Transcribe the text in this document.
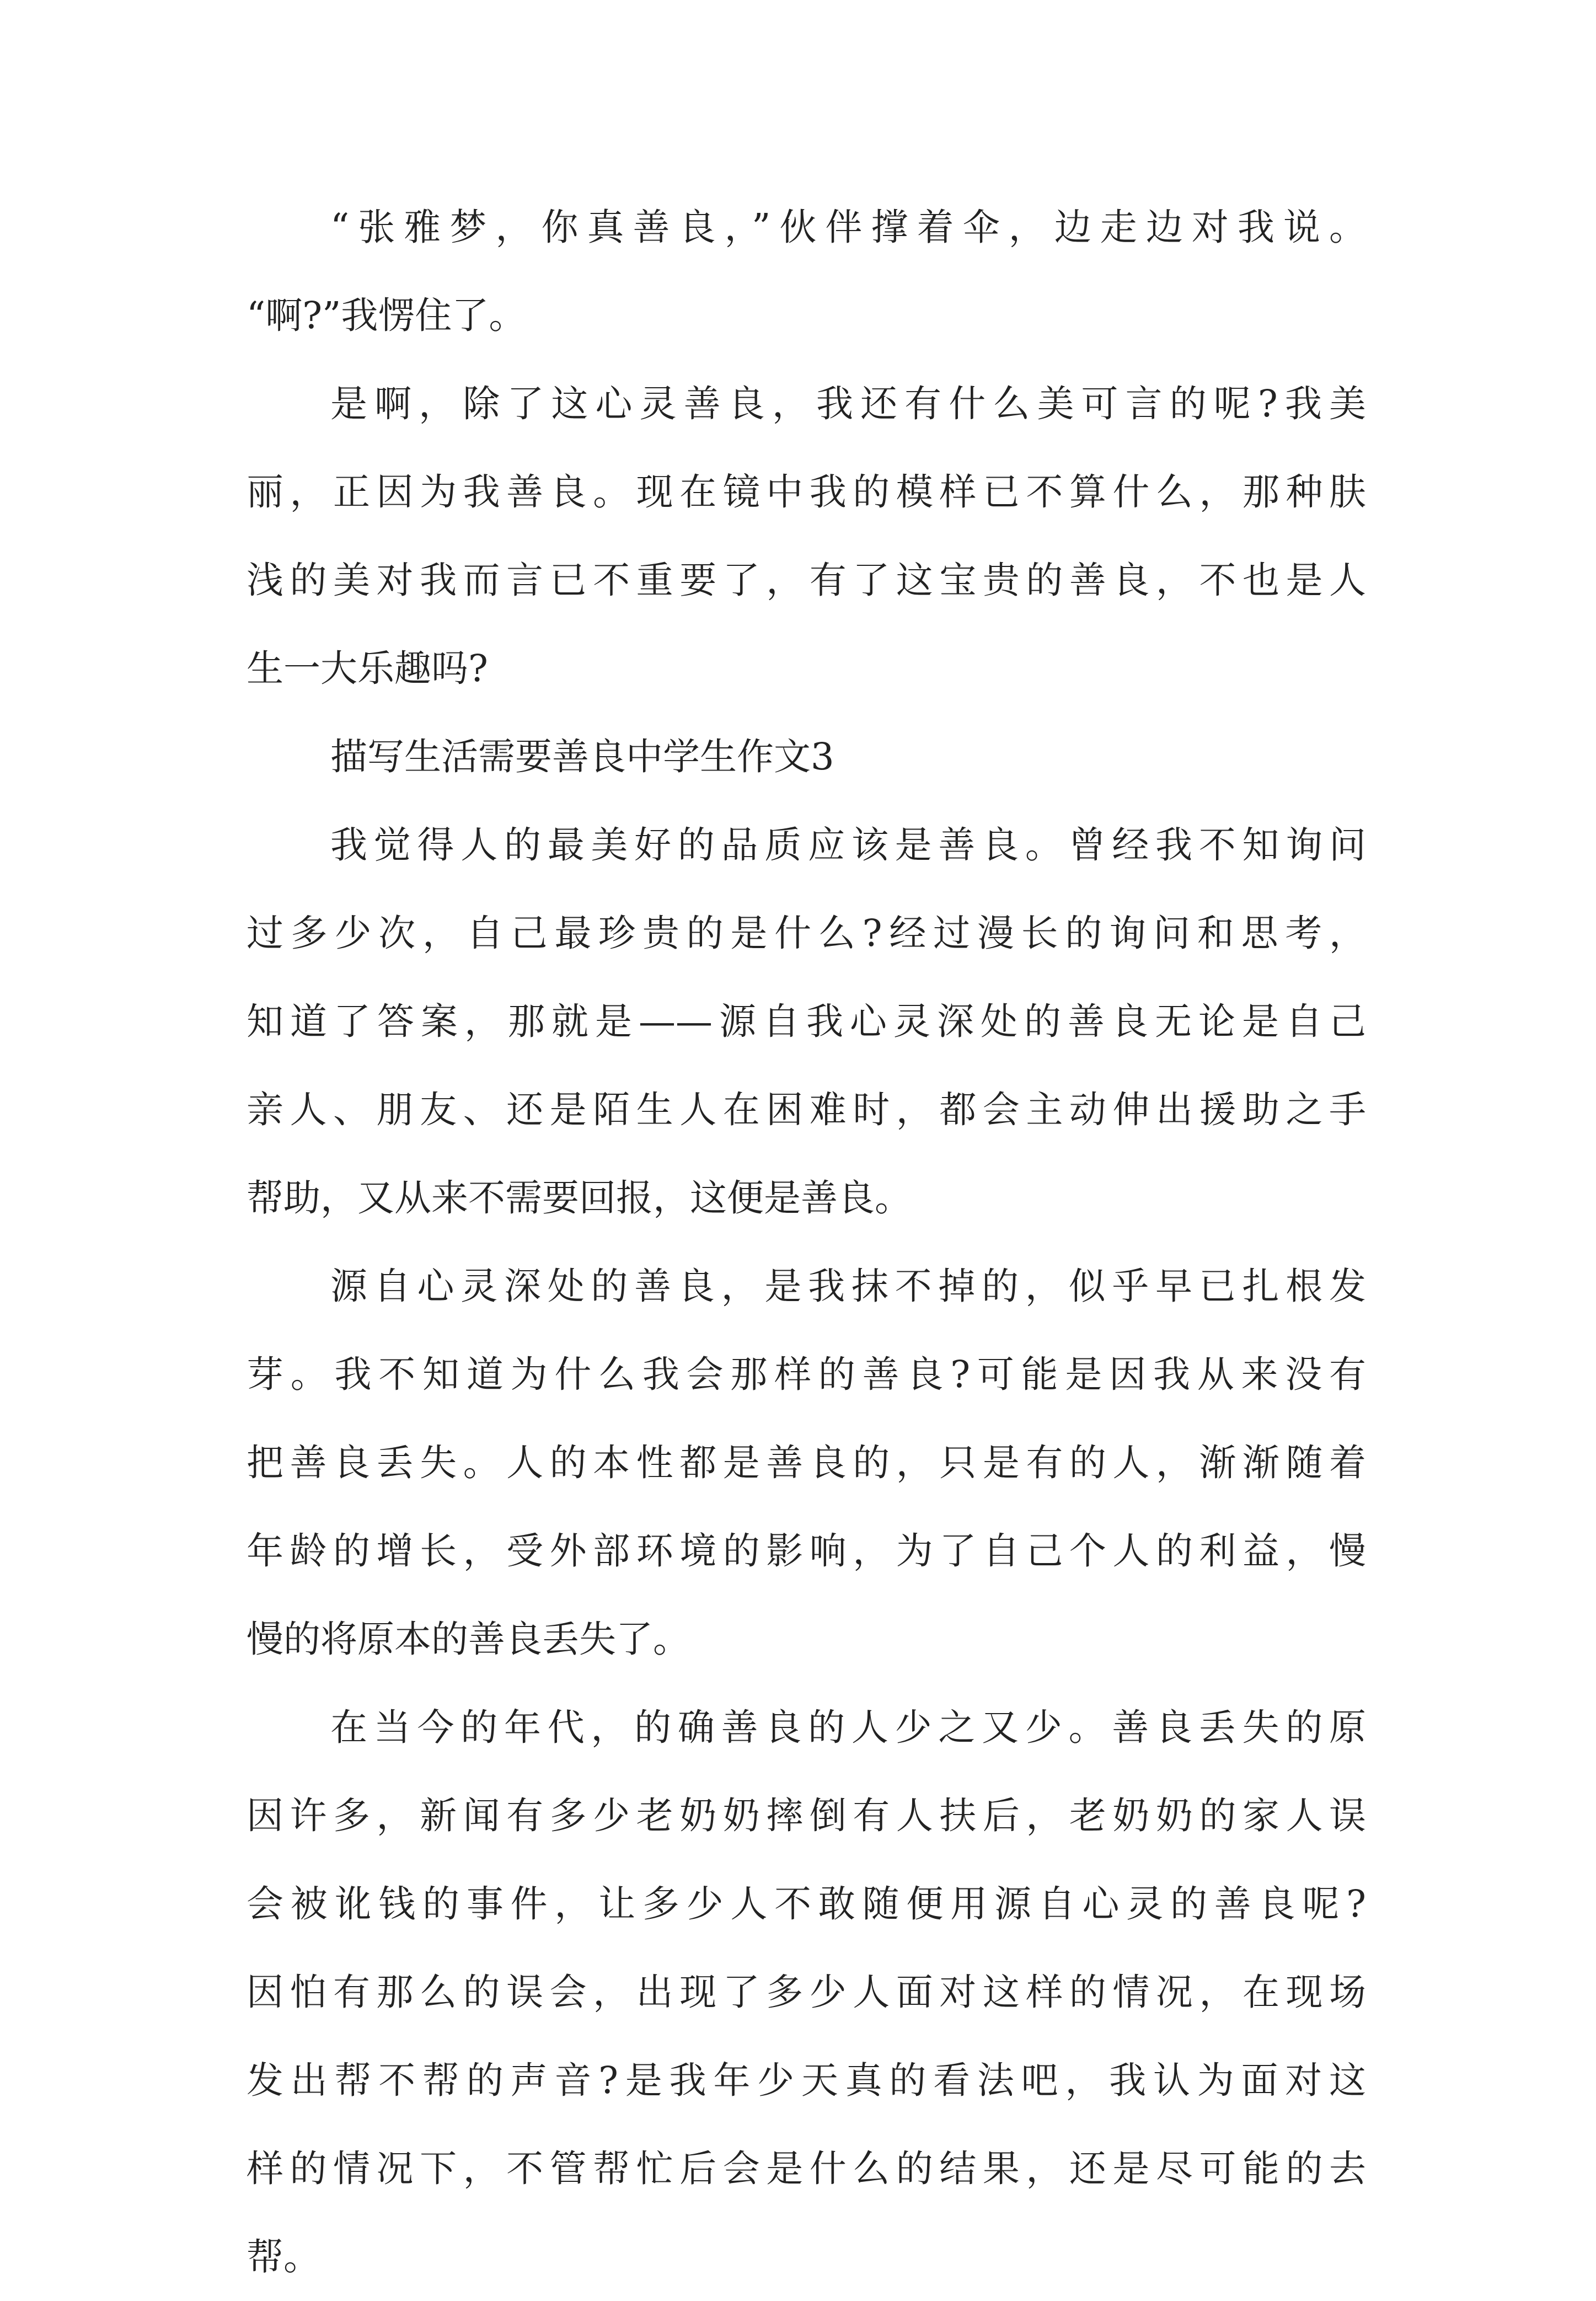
“张雅梦，你真善良，”伙伴撑着伞，边走边对我说。
“啊?”我愣住了。
是啊，除了这心灵善良，我还有什么美可言的呢?我美
丽，正因为我善良。现在镜中我的模样已不算什么，那种肤
浅的美对我而言已不重要了，有了这宝贵的善良，不也是人
生一大乐趣吗?
描写生活需要善良中学生作文3
我觉得人的最美好的品质应该是善良。曾经我不知询问
过多少次，自己最珍贵的是什么?经过漫长的询问和思考，
知道了答案，那就是——源自我心灵深处的善良无论是自己
亲人、朋友、还是陌生人在困难时，都会主动伸出援助之手
帮助，又从来不需要回报，这便是善良。
源自心灵深处的善良，是我抹不掉的，似乎早已扎根发
芽。我不知道为什么我会那样的善良?可能是因我从来没有
把善良丢失。人的本性都是善良的，只是有的人，渐渐随着
年龄的增长，受外部环境的影响，为了自己个人的利益，慢
慢的将原本的善良丢失了。
在当今的年代，的确善良的人少之又少。善良丢失的原
因许多，新闻有多少老奶奶摔倒有人扶后，老奶奶的家人误
会被讹钱的事件，让多少人不敢随便用源自心灵的善良呢?
因怕有那么的误会，出现了多少人面对这样的情况，在现场
发出帮不帮的声音?是我年少天真的看法吧，我认为面对这
样的情况下，不管帮忙后会是什么的结果，还是尽可能的去
帮。
